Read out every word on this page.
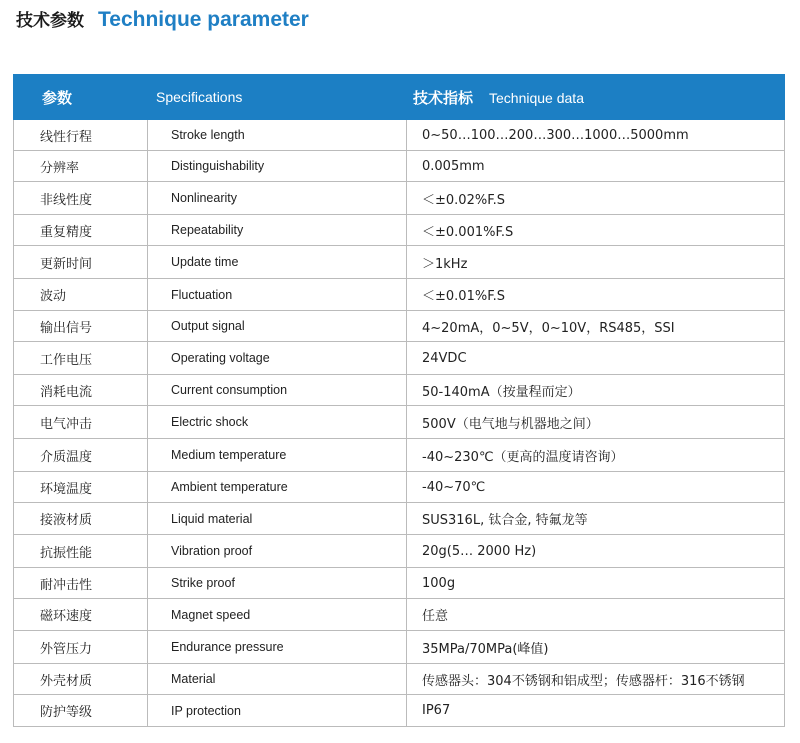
技术参数 Technique parameter
参数	Specifications	技术指标 Technique data
线性行程	Stroke length	0~50…100…200…300…1000…5000mm
分辨率	Distinguishability	0.005mm
非线性度	Nonlinearity	＜±0.02%F.S
重复精度	Repeatability	＜±0.001%F.S
更新时间	Update time	＞1kHz
波动	Fluctuation	＜±0.01%F.S
输出信号	Output signal	4~20mA，0~5V，0~10V，RS485，SSI
工作电压	Operating voltage	24VDC
消耗电流	Current consumption	50-140mA（按量程而定）
电气冲击	Electric shock	500V（电气地与机器地之间）
介质温度	Medium temperature	-40~230℃（更高的温度请咨询）
环境温度	Ambient temperature	-40~70℃
接液材质	Liquid material	SUS316L, 钛合金, 特氟龙等
抗振性能	Vibration proof	20g(5… 2000 Hz)
耐冲击性	Strike proof	100g
磁环速度	Magnet speed	任意
外管压力	Endurance pressure	35MPa/70MPa(峰值)
外壳材质	Material	传感器头：304不锈钢和铝成型；传感器杆：316不锈钢
防护等级	IP protection	IP67
